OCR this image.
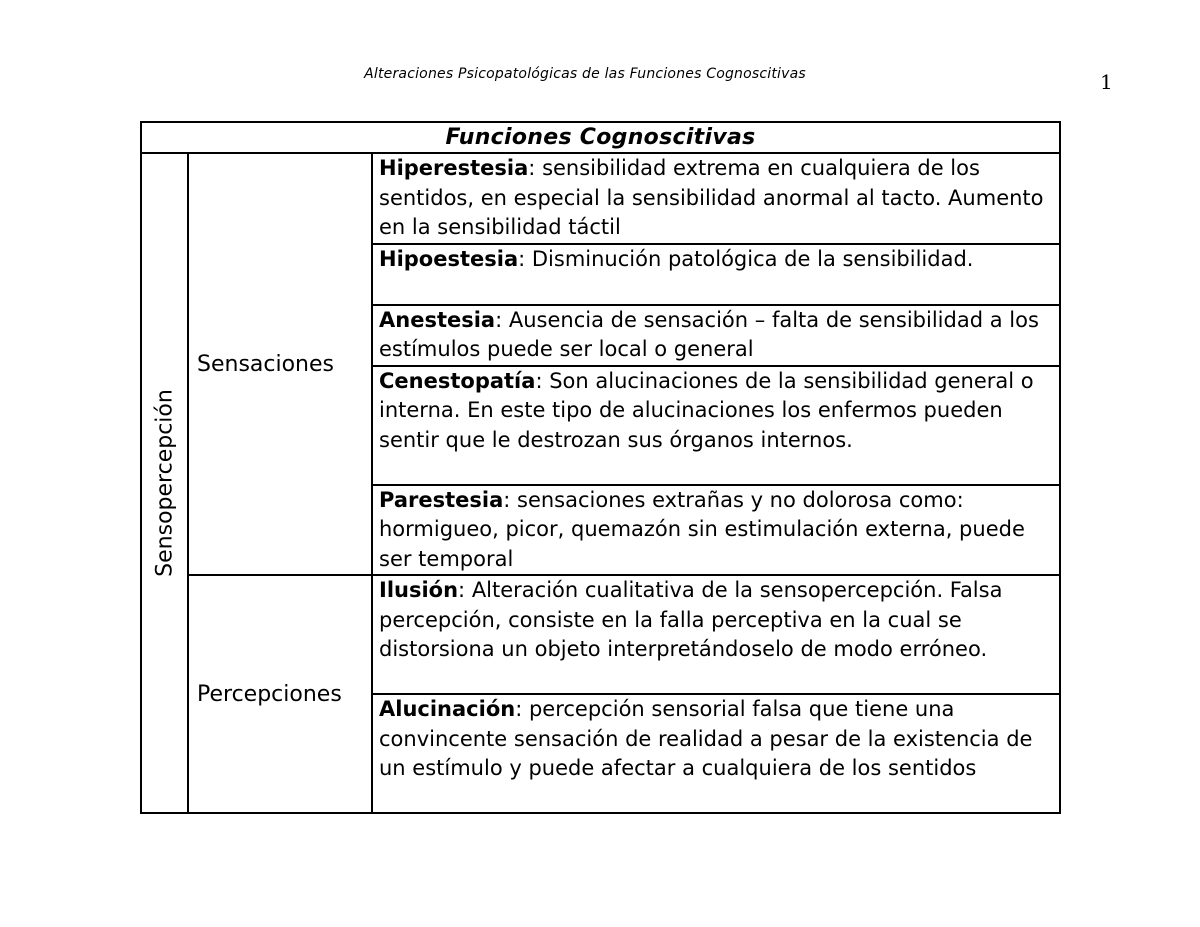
Alteraciones Psicopatológicas de las Funciones Cognoscitivas	1
Funciones Cognoscitivas		

Sensopercepción	Sensaciones	Hiperestesia: sensibilidad extrema en cualquiera de los sentidos, en especial la sensibilidad anormal al tacto. Aumento en la sensibilidad táctil
		Hipoestesia: Disminución patológica de la sensibilidad.
		Anestesia: Ausencia de sensación – falta de sensibilidad a los estímulos puede ser local o general
		Cenestopatía: Son alucinaciones de la sensibilidad general o interna. En este tipo de alucinaciones los enfermos pueden sentir que le destrozan sus órganos internos.
		Parestesia: sensaciones extrañas y no dolorosa como: hormigueo, picor, quemazón sin estimulación externa, puede ser temporal
	Percepciones	Ilusión: Alteración cualitativa de la sensopercepción. Falsa percepción, consiste en la falla perceptiva en la cual se distorsiona un objeto interpretándoselo de modo erróneo.
		Alucinación: percepción sensorial falsa que tiene una convincente sensación de realidad a pesar de la existencia de un estímulo y puede afectar a cualquiera de los sentidos
